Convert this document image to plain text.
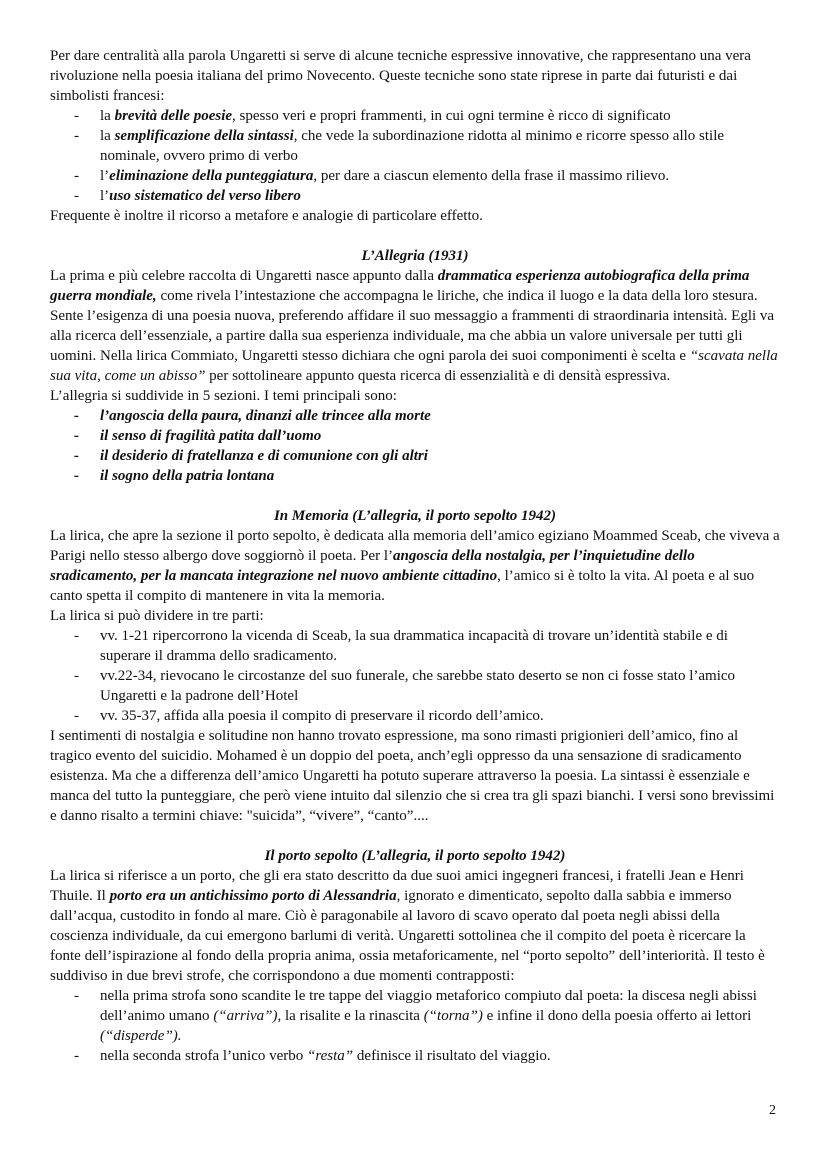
Per dare centralità alla parola Ungaretti si serve di alcune tecniche espressive innovative, che rappresentano una vera rivoluzione nella poesia italiana del primo Novecento. Queste tecniche sono state riprese in parte dai futuristi e dai simbolisti francesi:

- la brevità delle poesie, spesso veri e propri frammenti, in cui ogni termine è ricco di significato
- la semplificazione della sintassi, che vede la subordinazione ridotta al minimo e ricorre spesso allo stile nominale, ovvero primo di verbo
- l’eliminazione della punteggiatura, per dare a ciascun elemento della frase il massimo rilievo.
- l’uso sistematico del verso libero

Frequente è inoltre il ricorso a metafore e analogie di particolare effetto.

L’Allegria (1931)

La prima e più celebre raccolta di Ungaretti nasce appunto dalla drammatica esperienza autobiografica della prima guerra mondiale, come rivela l’intestazione che accompagna le liriche, che indica il luogo e la data della loro stesura. Sente l’esigenza di una poesia nuova, preferendo affidare il suo messaggio a frammenti di straordinaria intensità. Egli va alla ricerca dell’essenziale, a partire dalla sua esperienza individuale, ma che abbia un valore universale per tutti gli uomini. Nella lirica Commiato, Ungaretti stesso dichiara che ogni parola dei suoi componimenti è scelta e “scavata nella sua vita, come un abisso” per sottolineare appunto questa ricerca di essenzialità e di densità espressiva.

L’allegria si suddivide in 5 sezioni. I temi principali sono:

- l’angoscia della paura, dinanzi alle trincee alla morte
- il senso di fragilità patita dall’uomo
- il desiderio di fratellanza e di comunione con gli altri
- il sogno della patria lontana
In Memoria (L’allegria, il porto sepolto 1942)

La lirica, che apre la sezione il porto sepolto, è dedicata alla memoria dell’amico egiziano Moammed Sceab, che viveva a Parigi nello stesso albergo dove soggiornò il poeta. Per l’angoscia della nostalgia, per l’inquietudine dello sradicamento, per la mancata integrazione nel nuovo ambiente cittadino, l’amico si è tolto la vita. Al poeta e al suo canto spetta il compito di mantenere in vita la memoria.

La lirica si può dividere in tre parti:

- vv. 1-21 ripercorrono la vicenda di Sceab, la sua drammatica incapacità di trovare un’identità stabile e di superare il dramma dello sradicamento.
- vv.22-34, rievocano le circostanze del suo funerale, che sarebbe stato deserto se non ci fosse stato l’amico Ungaretti e la padrone dell’Hotel
- vv. 35-37, affida alla poesia il compito di preservare il ricordo dell’amico.

I sentimenti di nostalgia e solitudine non hanno trovato espressione, ma sono rimasti prigionieri dell’amico, fino al tragico evento del suicidio. Mohamed è un doppio del poeta, anch’egli oppresso da una sensazione di sradicamento esistenza. Ma che a differenza dell’amico Ungaretti ha potuto superare attraverso la poesia. La sintassi è essenziale e manca del tutto la punteggiare, che però viene intuito dal silenzio che si crea tra gli spazi bianchi. I versi sono brevissimi e danno risalto a termini chiave: "suicida”, “vivere”, “canto”....

Il porto sepolto (L’allegria, il porto sepolto 1942)

La lirica si riferisce a un porto, che gli era stato descritto da due suoi amici ingegneri francesi, i fratelli Jean e Henri Thuile. Il porto era un antichissimo porto di Alessandria, ignorato e dimenticato, sepolto dalla sabbia e immerso dall’acqua, custodito in fondo al mare. Ciò è paragonabile al lavoro di scavo operato dal poeta negli abissi della coscienza individuale, da cui emergono barlumi di verità. Ungaretti sottolinea che il compito del poeta è ricercare la fonte dell’ispirazione al fondo della propria anima, ossia metaforicamente, nel “porto sepolto” dell’interiorità. Il testo è suddiviso in due brevi strofe, che corrispondono a due momenti contrapposti:

- nella prima strofa sono scandite le tre tappe del viaggio metaforico compiuto dal poeta: la discesa negli abissi dell’animo umano (“arriva”), la risalite e la rinascita (“torna”) e infine il dono della poesia offerto ai lettori (“disperde”).
- nella seconda strofa l’unico verbo “resta” definisce il risultato del viaggio.
2
